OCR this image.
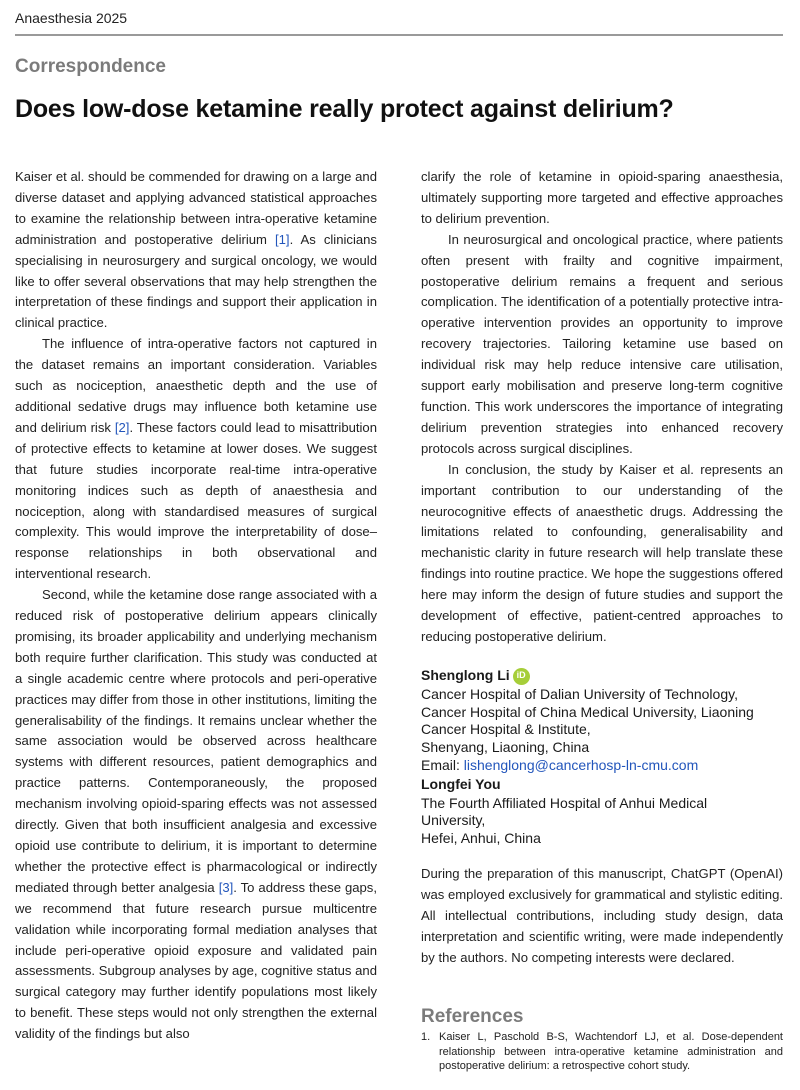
Anaesthesia 2025
Correspondence
Does low-dose ketamine really protect against delirium?

Kaiser et al. should be commended for drawing on a large and diverse dataset and applying advanced statistical approaches to examine the relationship between intra-operative ketamine administration and postoperative delirium [1]. As clinicians specialising in neurosurgery and surgical oncology, we would like to offer several observations that may help strengthen the interpretation of these findings and support their application in clinical practice.

The influence of intra-operative factors not captured in the dataset remains an important consideration. Variables such as nociception, anaesthetic depth and the use of additional sedative drugs may influence both ketamine use and delirium risk [2]. These factors could lead to misattribution of protective effects to ketamine at lower doses. We suggest that future studies incorporate real-time intra-operative monitoring indices such as depth of anaesthesia and nociception, along with standardised measures of surgical complexity. This would improve the interpretability of dose–response relationships in both observational and interventional research.

Second, while the ketamine dose range associated with a reduced risk of postoperative delirium appears clinically promising, its broader applicability and underlying mechanism both require further clarification. This study was conducted at a single academic centre where protocols and peri-operative practices may differ from those in other institutions, limiting the generalisability of the findings. It remains unclear whether the same association would be observed across healthcare systems with different resources, patient demographics and practice patterns. Contemporaneously, the proposed mechanism involving opioid-sparing effects was not assessed directly. Given that both insufficient analgesia and excessive opioid use contribute to delirium, it is important to determine whether the protective effect is pharmacological or indirectly mediated through better analgesia [3]. To address these gaps, we recommend that future research pursue multicentre validation while incorporating formal mediation analyses that include peri-operative opioid exposure and validated pain assessments. Subgroup analyses by age, cognitive status and surgical category may further identify populations most likely to benefit. These steps would not only strengthen the external validity of the findings but also

clarify the role of ketamine in opioid-sparing anaesthesia, ultimately supporting more targeted and effective approaches to delirium prevention.

In neurosurgical and oncological practice, where patients often present with frailty and cognitive impairment, postoperative delirium remains a frequent and serious complication. The identification of a potentially protective intra-operative intervention provides an opportunity to improve recovery trajectories. Tailoring ketamine use based on individual risk may help reduce intensive care utilisation, support early mobilisation and preserve long-term cognitive function. This work underscores the importance of integrating delirium prevention strategies into enhanced recovery protocols across surgical disciplines.

In conclusion, the study by Kaiser et al. represents an important contribution to our understanding of the neurocognitive effects of anaesthetic drugs. Addressing the limitations related to confounding, generalisability and mechanistic clarity in future research will help translate these findings into routine practice. We hope the suggestions offered here may inform the design of future studies and support the development of effective, patient-centred approaches to reducing postoperative delirium.

Shenglong Li iD
Cancer Hospital of Dalian University of Technology,
Cancer Hospital of China Medical University, Liaoning
Cancer Hospital & Institute,
Shenyang, Liaoning, China
Email: lishenglong@cancerhosp-ln-cmu.com
Longfei You
The Fourth Affiliated Hospital of Anhui Medical
University,
Hefei, Anhui, China

During the preparation of this manuscript, ChatGPT (OpenAI) was employed exclusively for grammatical and stylistic editing. All intellectual contributions, including study design, data interpretation and scientific writing, were made independently by the authors. No competing interests were declared.

References
1. Kaiser L, Paschold B-S, Wachtendorf LJ, et al. Dose-dependent relationship between intra-operative ketamine administration and postoperative delirium: a retrospective cohort study.
